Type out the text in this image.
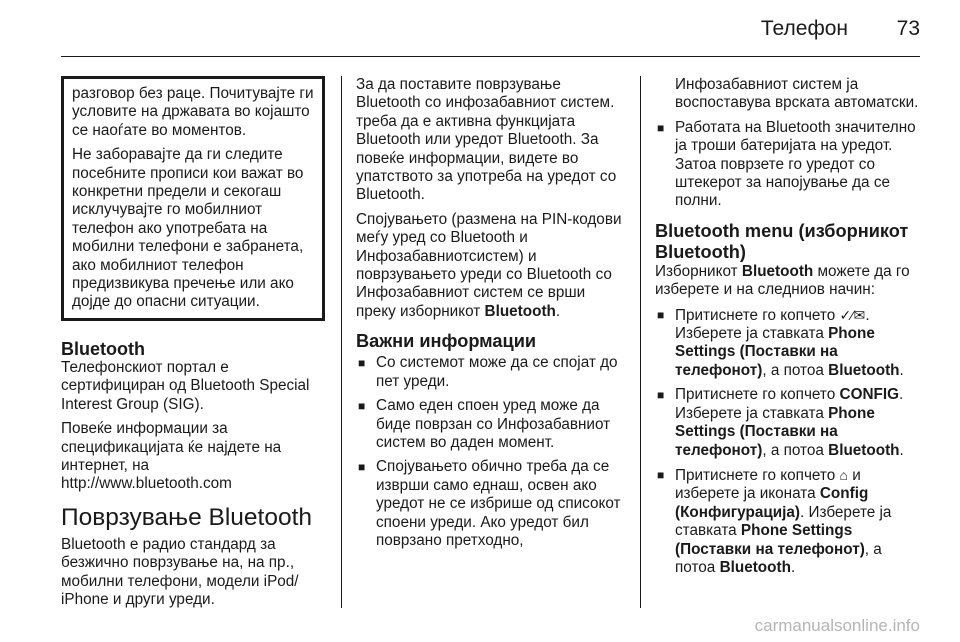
Телефон 73

разговор без раце. Почитувајте ги условите на државата во којашто се наоѓате во моментов.

Не заборавајте да ги следите посебните прописи кои важат во конкретни предели и секогаш исклучувајте го мобилниот телефон ако употребата на мобилни телефони е забранета, ако мобилниот телефон предизвикува пречење или ако дојде до опасни ситуации.

Bluetooth

Телефонскиот портал е сертифициран од Bluetooth Special Interest Group (SIG).

Повеќе информации за спецификацијата ќе најдете на интернет, на

http://www.bluetooth.com

Поврзување Bluetooth

Bluetooth е радио стандард за безжично поврзување на, на пр., мобилни телефони, модели iPod/ iPhone и други уреди.

За да поставите поврзување Bluetooth со инфозабавниот систем. треба да е активна функцијата Bluetooth или уредот Bluetooth. За повеќе информации, видете во упатството за употреба на уредот со Bluetooth.

Спојувањето (размена на PIN-кодови меѓу уред со Bluetooth и Инфозабавниотсистем) и поврзувањето уреди со Bluetooth со Инфозабавниот систем се врши преку изборникот Bluetooth.

Важни информации
■ Со системот може да се спојат до пет уреди.
■ Само еден споен уред може да биде поврзан со Инфозабавниот систем во даден момент.
■ Спојувањето обично треба да се изврши само еднаш, освен ако уредот не се избрише од списокот споени уреди. Ако уредот бил поврзано претходно,
Инфозабавниот систем ја воспоставува врската автоматски.
■ Работата на Bluetooth значително ја троши батеријата на уредот. Затоа поврзете го уредот со штекерот за напојување да се полни.
Bluetooth menu (изборникот Bluetooth)

Изборникот Bluetooth можете да го изберете и на следниов начин:

■ Притиснете го копчето ✓⁄✉. Изберете ја ставката Phone Settings (Поставки на телефонот), а потоа Bluetooth.
■ Притиснете го копчето CONFIG. Изберете ја ставката Phone Settings (Поставки на телефонот), а потоа Bluetooth.
■ Притиснете го копчето ⌂ и изберете ја иконата Config (Конфигурација). Изберете ја ставката Phone Settings (Поставки на телефонот), а потоа Bluetooth.
carmanualsonline.info
